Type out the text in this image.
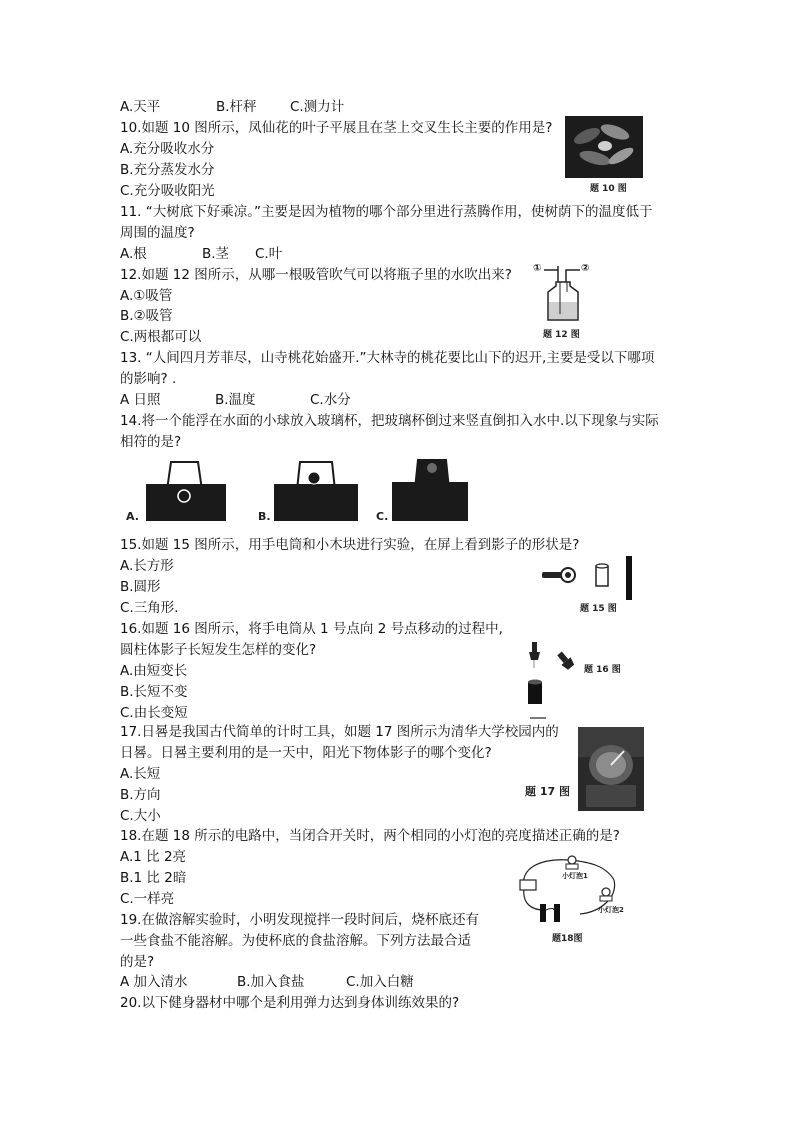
A.天平	B.杆秤 C.测力计
10.如题 10 图所示，凤仙花的叶子平展且在茎上交叉生长主要的作用是?
A.充分吸收水分
B.充分蒸发水分
C.充分吸收阳光	题 10 图
11. “大树底下好乘凉。”主要是因为植物的哪个部分里进行蒸腾作用，使树荫下的温度低于
周围的温度?
A.根	B.茎 C.叶
12.如题 12 图所示，从哪一根吸管吹气可以将瓶子里的水吹出来?
A.①吸管
B.②吸管
C.两根都可以
①	②
题 12 图
13. “人间四月芳菲尽，山寺桃花始盛开.”大林寺的桃花要比山下的迟开,主要是受以下哪项
的影响? .
A 日照	B.温度	C.水分
14.将一个能浮在水面的小球放入玻璃杯，把玻璃杯倒过来竖直倒扣入水中.以下现象与实际
相符的是?
A.	B.	C.
15.如题 15 图所示，用手电筒和小木块进行实验，在屏上看到影子的形状是?
A.长方形
B.圆形
C.三角形.	题 15 图
16.如题 16 图所示，将手电筒从 1 号点向 2 号点移动的过程中,
圆柱体影子长短发生怎样的变化?
A.由短变长
B.长短不变
C.由长变短
题 16 图
17.日晷是我国古代简单的计时工具，如题 17 图所示为清华大学校园内的
日晷。日晷主要利用的是一天中，阳光下物体影子的哪个变化?
A.长短
B.方向
C.大小
题 17 图
18.在题 18 所示的电路中，当闭合开关时，两个相同的小灯泡的亮度描述正确的是?
A.1 比 2亮
B.1 比 2暗
C.一样亮
小灯泡1
小灯泡2
题18图
19.在做溶解实验时，小明发现搅拌一段时间后，烧杯底还有
一些食盐不能溶解。为使杯底的食盐溶解。下列方法最合适
的是?
A 加入清水	B.加入食盐	C.加入白糖
20.以下健身器材中哪个是利用弹力达到身体训练效果的?
